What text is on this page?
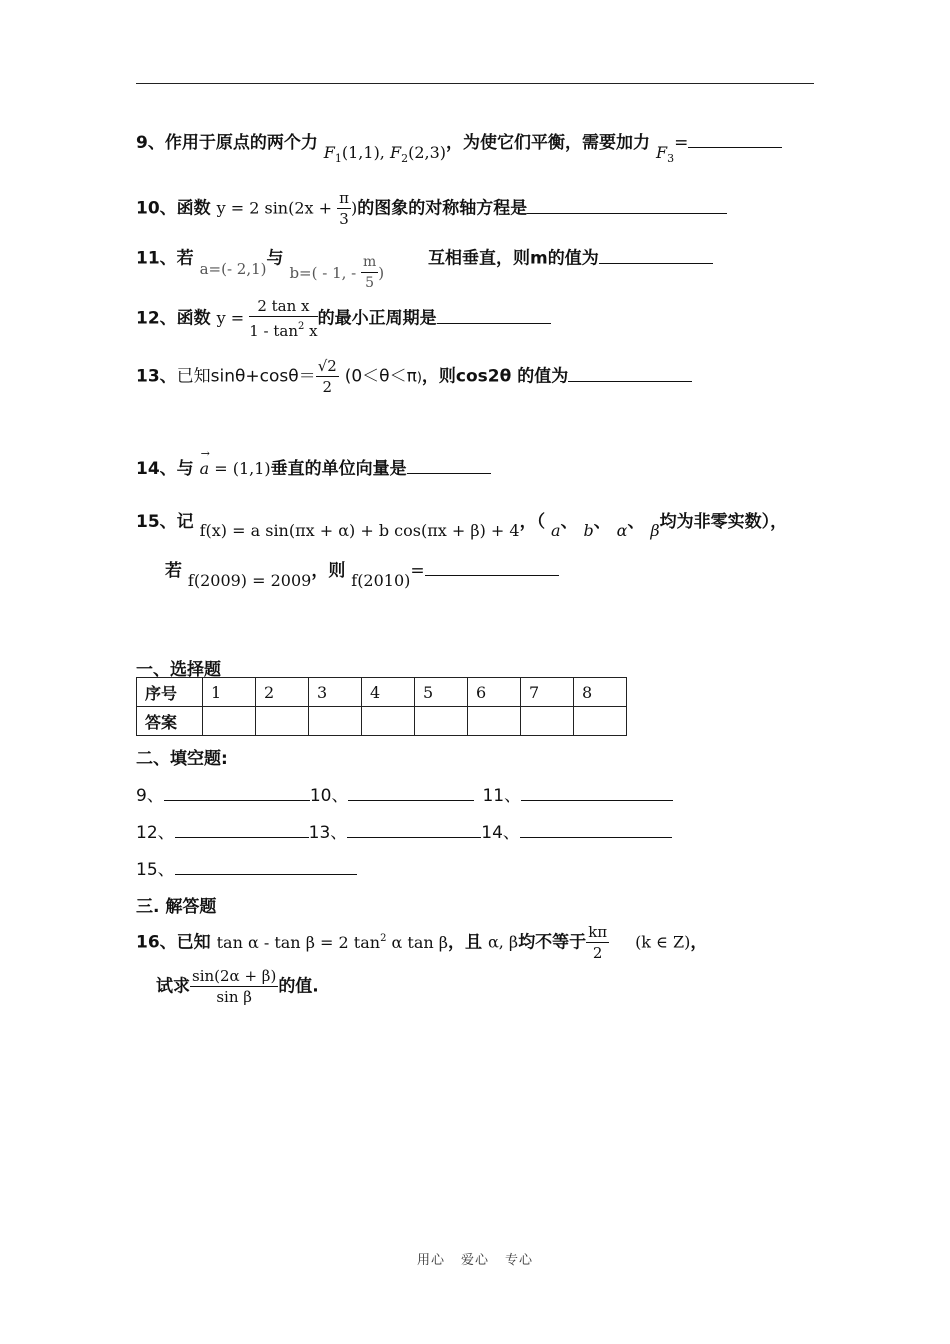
9、作用于原点的两个力 $F_1(1,1)$, $F_2(2,3)$，为使它们平衡，需要加力 $F_3=$
10、函数 y = 2 $\sin(2x + \frac{\pi}{3}$ )的图象的对称轴方程是
11、若 a=(- 2,1)与 b=( - 1, - $\frac{m}{5}$ ) 互相垂直，则m的值为
12、函数 $y = \frac{\text{2 tan x}}{1 - \tan^2 x}$ 的最小正周期是
13、已知$\sin\theta+\cos\theta= \frac{√2}{2} (0<\theta<\pi)$，则cos2θ 的值为
14、与
→
a = (1,1)垂直的单位向量是
15、记 f(x) = a sin(πx + α) + b cos(πx + β) + 4，（ a、 b、 α、 β均为非零实数），
若 f(2009) = 2009，则 f(2010)=
一、选择题
序号	1	2	3	4	5	6	7	8
答案								
二、填空题:
9、	10、	11、
12、	13、	14、
15、
三. 解答题
16、已知 tan α - tan β = 2 $\tan^2 \alpha$ tan β，且 α, β均不等于 $\frac{k\pi}{2} (k$ ∈ Z)，
试求 $\frac{\sin(2\alpha + \beta)}{\text{sin β}}$ 的值.
用心 爱心 专心
